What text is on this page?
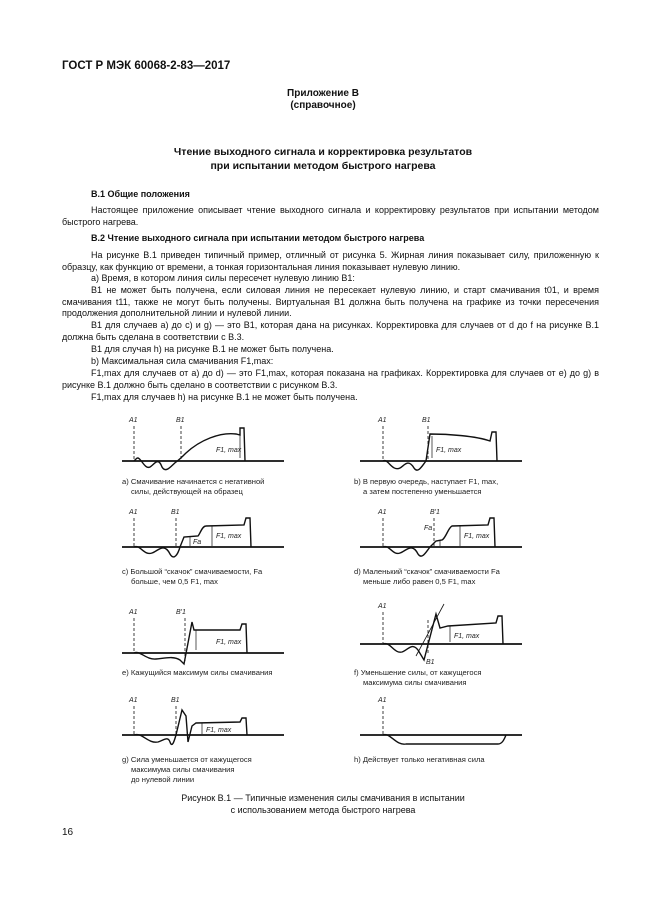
ГОСТ Р МЭК 60068-2-83—2017
Приложение В
(справочное)
Чтение выходного сигнала и корректировка результатов
при испытании методом быстрого нагрева
В.1 Общие положения
Настоящее приложение описывает чтение выходного сигнала и корректировку результатов при испытании методом быстрого нагрева.
В.2 Чтение выходного сигнала при испытании методом быстрого нагрева
На рисунке В.1 приведен типичный пример, отличный от рисунка 5. Жирная линия показывает силу, приложенную к образцу, как функцию от времени, а тонкая горизонтальная линия показывает нулевую линию.
а) Время, в котором линия силы пересечет нулевую линию B1:
B1 не может быть получена, если силовая линия не пересекает нулевую линию, и старт смачивания t01, и время смачивания t11, также не могут быть получены. Виртуальная B1 должна быть получена на графике из точки пересечения продолжения дополнительной линии и нулевой линии.
B1 для случаев а) до с) и g) — это B1, которая дана на рисунках. Корректировка для случаев от d до f на рисунке В.1 должна быть сделана в соответствии с В.3.
B1 для случая h) на рисунке В.1 не может быть получена.
b) Максимальная сила смачивания F1,max:
F1,max для случаев от а) до d) — это F1,max, которая показана на графиках. Корректировка для случаев от е) до g) в рисунке В.1 должно быть сделано в соответствии с рисунком В.3.
F1,max для случаев h) на рисунке В.1 не может быть получена.
A1	B1
F1, max
а) Смачивание начинается с негативной
силы, действующей на образец
A1	B1
F1, max
b) В первую очередь, наступает F1, max,
а затем постепенно уменьшается
A1	B1
Fa
F1, max
с) Большой “скачок” смачиваемости, Fa
больше, чем 0,5 F1, max
A1	B′1
Fa
F1, max
d) Маленький “скачок” смачиваемости Fa
меньше либо равен 0,5 F1, max
A1	B′1
F1, max
е) Кажущийся максимум силы смачивания
A1
B1
F1, max
f) Уменьшение силы, от кажущегося
максимума силы смачивания
A1	B1
F1, max
g) Сила уменьшается от кажущегося
максимума силы смачивания
до нулевой линии
A1
h) Действует только негативная сила
Рисунок В.1 — Типичные изменения силы смачивания в испытании
с использованием метода быстрого нагрева
16
